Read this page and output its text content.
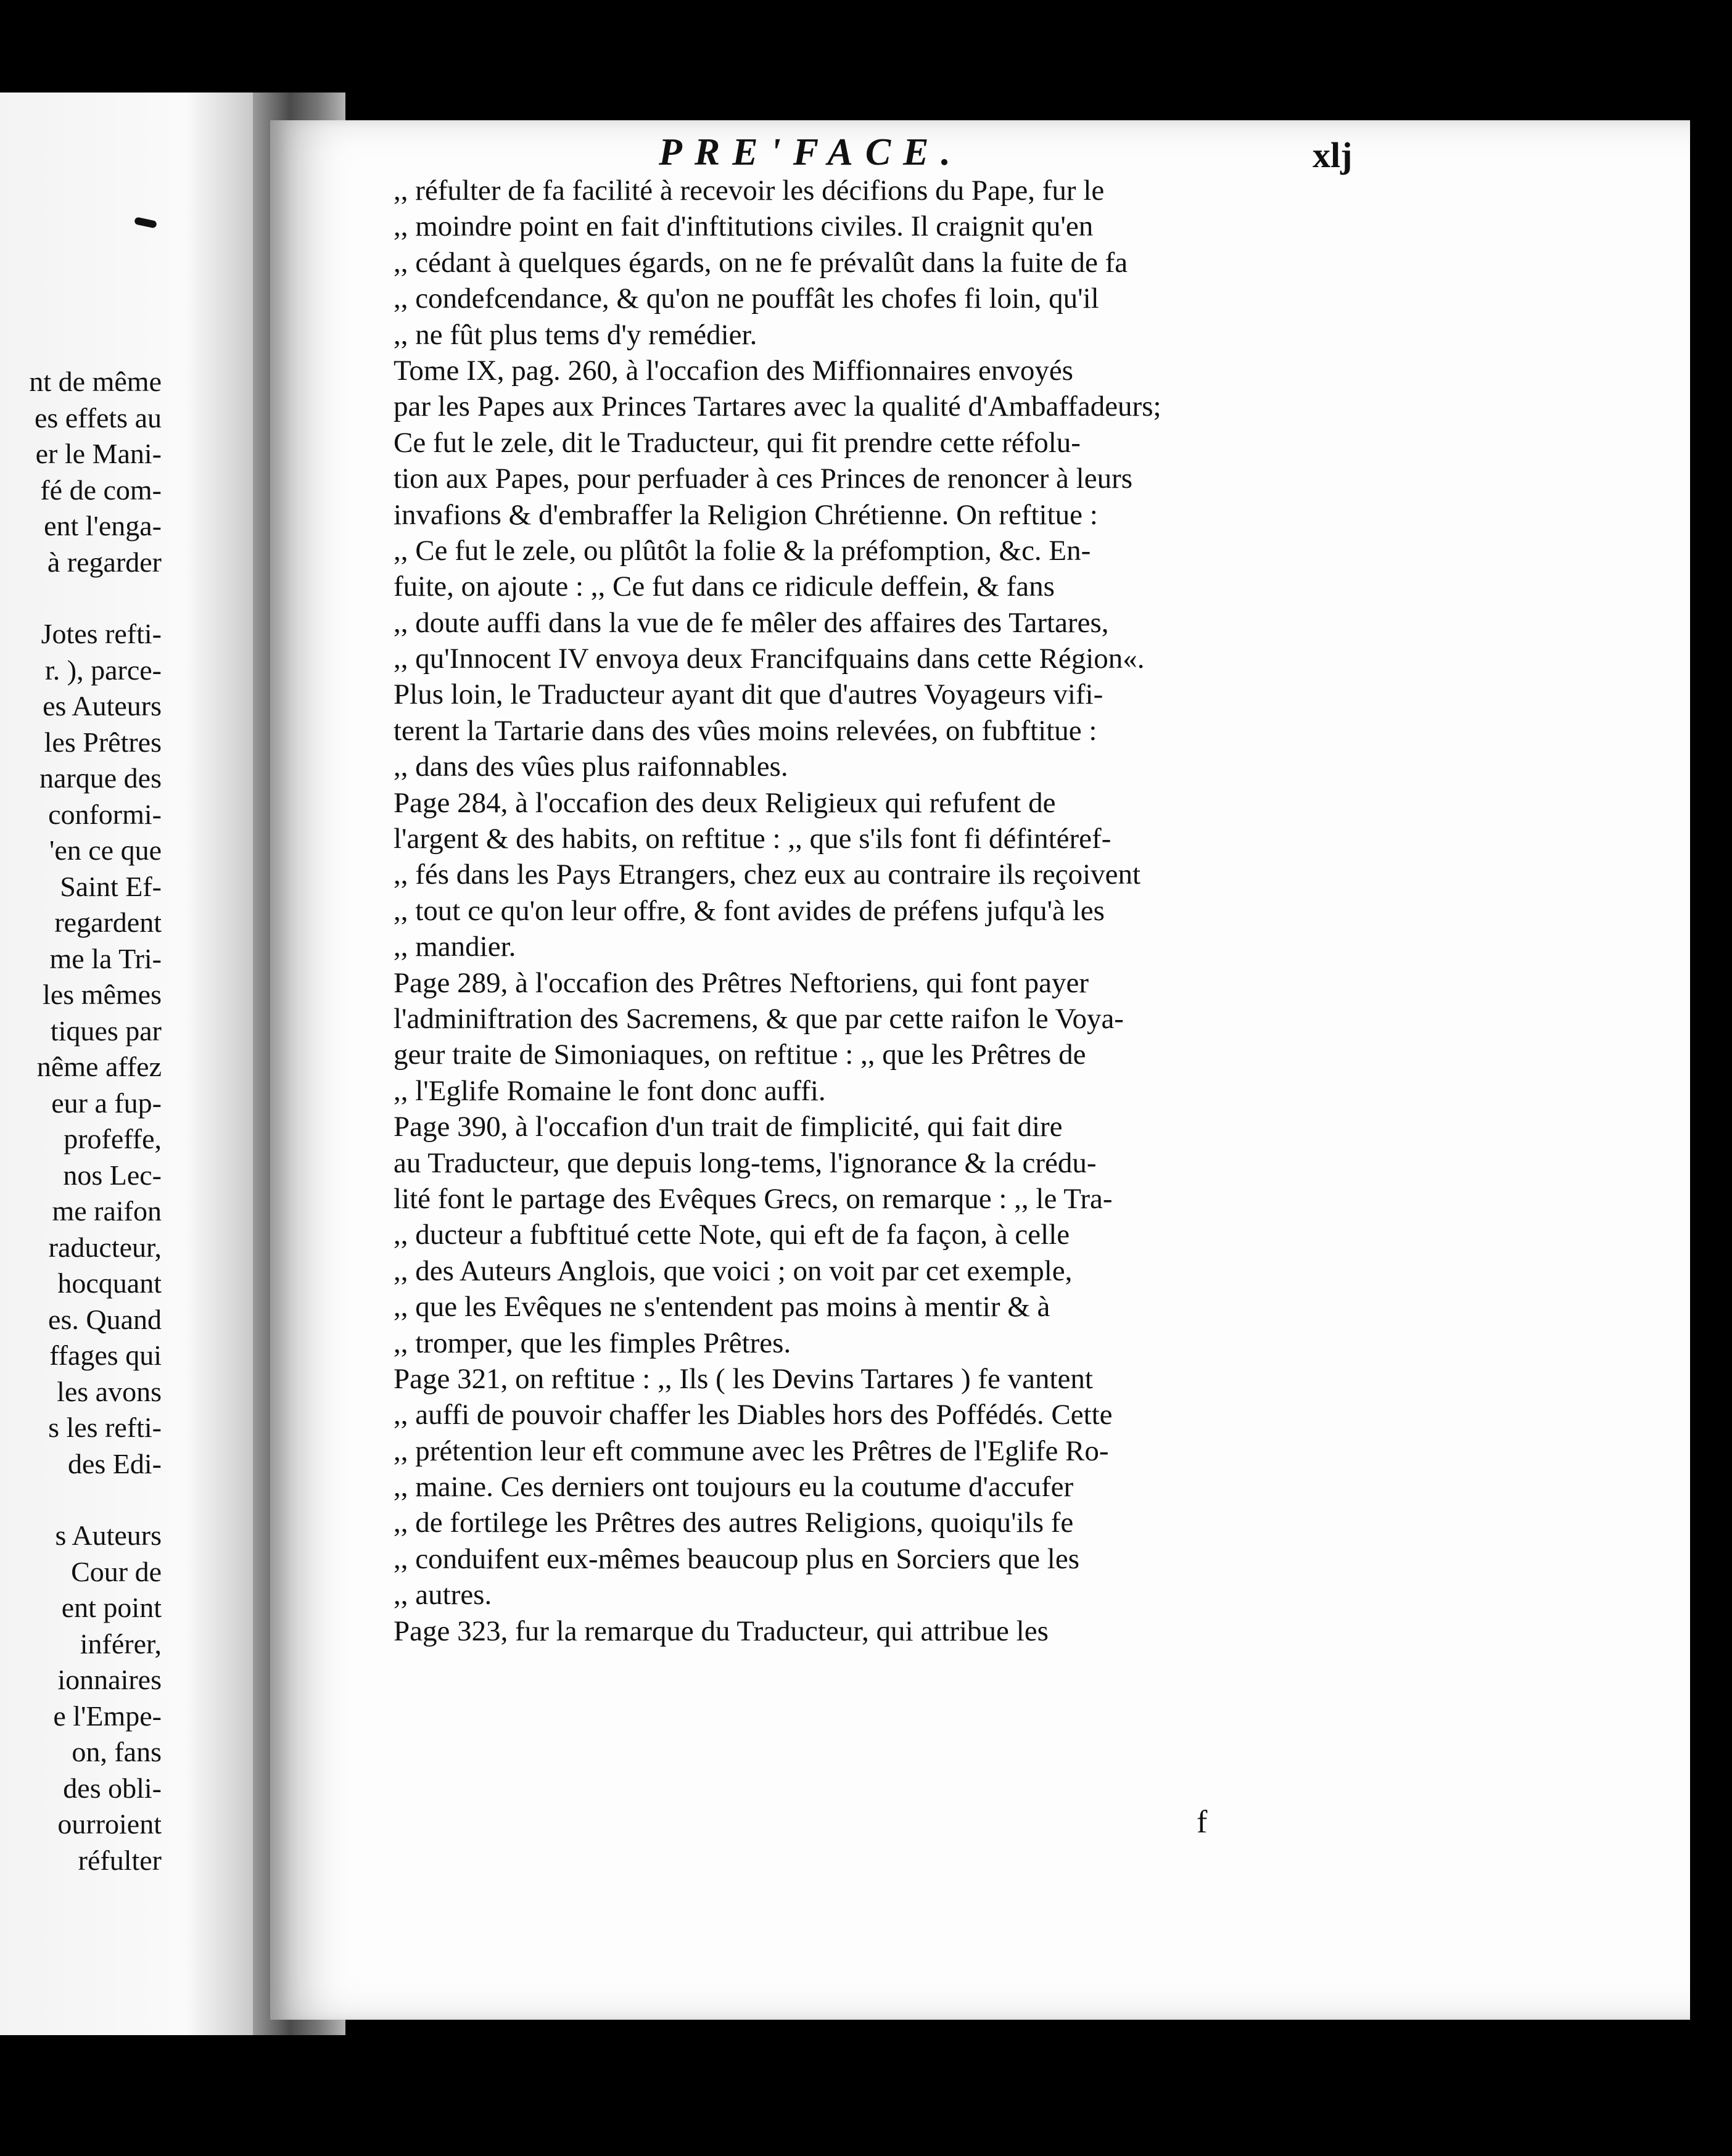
nt de même
es effets au
er le Mani-
fé de com-
ent l'enga-
à regarder
Jotes refti-
r. ), parce-
es Auteurs
les Prêtres
narque des
conformi-
'en ce que
Saint Ef-
regardent
me la Tri-
les mêmes
tiques par
nême affez
eur a fup-
profeffe,
nos Lec-
me raifon
raducteur,
hocquant
es. Quand
ffages qui
les avons
s les refti-
des Edi-
s Auteurs
Cour de
ent point
inférer,
ionnaires
e l'Empe-
on, fans
des obli-
ourroient
réfulter
PRE'FACE.	xlj
,, réfulter de fa facilité à recevoir les décifions du Pape, fur le
,, moindre point en fait d'inftitutions civiles. Il craignit qu'en
,, cédant à quelques égards, on ne fe prévalût dans la fuite de fa
,, condefcendance, & qu'on ne pouffât les chofes fi loin, qu'il
,, ne fût plus tems d'y remédier.
Tome IX, pag. 260, à l'occafion des Miffionnaires envoyés
par les Papes aux Princes Tartares avec la qualité d'Ambaffadeurs;
Ce fut le zele, dit le Traducteur, qui fit prendre cette réfolu-
tion aux Papes, pour perfuader à ces Princes de renoncer à leurs
invafions & d'embraffer la Religion Chrétienne. On reftitue :
,, Ce fut le zele, ou plûtôt la folie & la préfomption, &c. En-
fuite, on ajoute : ,, Ce fut dans ce ridicule deffein, & fans
,, doute auffi dans la vue de fe mêler des affaires des Tartares,
,, qu'Innocent IV envoya deux Francifquains dans cette Région«.
Plus loin, le Traducteur ayant dit que d'autres Voyageurs vifi-
terent la Tartarie dans des vûes moins relevées, on fubftitue :
,, dans des vûes plus raifonnables.
Page 284, à l'occafion des deux Religieux qui refufent de
l'argent & des habits, on reftitue : ,, que s'ils font fi défintéref-
,, fés dans les Pays Etrangers, chez eux au contraire ils reçoivent
,, tout ce qu'on leur offre, & font avides de préfens jufqu'à les
,, mandier.
Page 289, à l'occafion des Prêtres Neftoriens, qui font payer
l'adminiftration des Sacremens, & que par cette raifon le Voya-
geur traite de Simoniaques, on reftitue : ,, que les Prêtres de
,, l'Eglife Romaine le font donc auffi.
Page 390, à l'occafion d'un trait de fimplicité, qui fait dire
au Traducteur, que depuis long-tems, l'ignorance & la crédu-
lité font le partage des Evêques Grecs, on remarque : ,, le Tra-
,, ducteur a fubftitué cette Note, qui eft de fa façon, à celle
,, des Auteurs Anglois, que voici ; on voit par cet exemple,
,, que les Evêques ne s'entendent pas moins à mentir & à
,, tromper, que les fimples Prêtres.
Page 321, on reftitue : ,, Ils ( les Devins Tartares ) fe vantent
,, auffi de pouvoir chaffer les Diables hors des Poffédés. Cette
,, prétention leur eft commune avec les Prêtres de l'Eglife Ro-
,, maine. Ces derniers ont toujours eu la coutume d'accufer
,, de fortilege les Prêtres des autres Religions, quoiqu'ils fe
,, conduifent eux-mêmes beaucoup plus en Sorciers que les
,, autres.
Page 323, fur la remarque du Traducteur, qui attribue les
f
